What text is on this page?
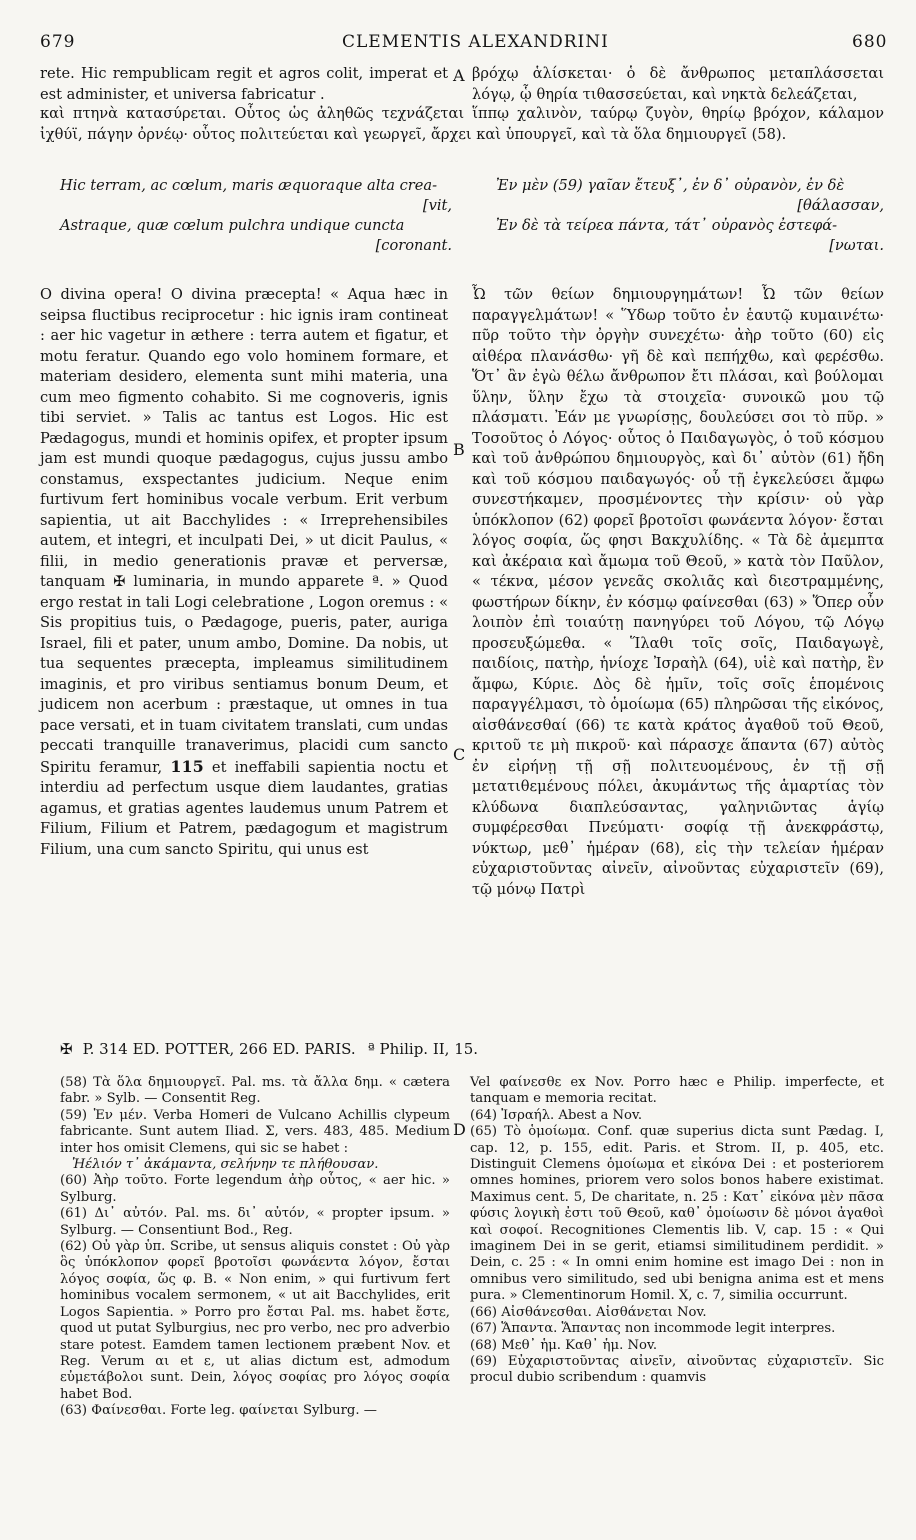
679	CLEMENTIS ALEXANDRINI	680
rete. Hic rempublicam regit et agros colit, imperat et est administer, et universa fabricatur .
βρόχῳ ἁλίσκεται· ὁ δὲ ἄνθρωπος μεταπλάσσεται λόγῳ, ᾧ θηρία τιθασσεύεται, καὶ νηκτὰ δελεάζεται,
A

καὶ πτηνὰ κατασύρεται. Οὗτος ὡς ἀληθῶς τεχνάζεται ἵππῳ χαλινὸν, ταύρῳ ζυγὸν, θηρίῳ βρόχον, κάλαμον ἰχθύϊ, πάγην ὀρνέῳ· οὗτος πολιτεύεται καὶ γεωργεῖ, ἄρχει καὶ ὑπουργεῖ, καὶ τὰ ὅλα δημιουργεῖ (58).

Hic terram, ac cœlum, maris æquoraque alta crea-

[vit,

Astraque, quæ cœlum pulchra undique cuncta

[coronant.

Ἐν μὲν (59) γαῖαν ἔτευξ᾽, ἐν δ᾽ οὐρανὸν, ἐν δὲ

[θάλασσαν,

Ἐν δὲ τὰ τείρεα πάντα, τάτ᾽ οὐρανὸς ἐστεφά-

[νωται.

O divina opera! O divina præcepta! « Aqua hæc in seipsa fluctibus reciprocetur : hic ignis iram contineat : aer hic vagetur in æthere : terra autem et figatur, et motu feratur. Quando ego volo hominem formare, et materiam desidero, elementa sunt mihi materia, una cum meo figmento cohabito. Si me cognoveris, ignis tibi serviet. » Talis ac tantus est Logos. Hic est Pædagogus, mundi et hominis opifex, et propter ipsum jam est mundi quoque pædagogus, cujus jussu ambo constamus, exspectantes judicium. Neque enim furtivum fert hominibus vocale verbum. Erit verbum sapientia, ut ait Bacchylides : « Irreprehensibiles autem, et integri, et inculpati Dei, » ut dicit Paulus, « filii, in medio generationis pravæ et perversæ, tanquam ✠ luminaria, in mundo apparete ª. » Quod ergo restat in tali Logi celebratione , Logon oremus : « Sis propitius tuis, o Pædagoge, pueris, pater, auriga Israel, fili et pater, unum ambo, Domine. Da nobis, ut tua sequentes præcepta, impleamus similitudinem imaginis, et pro viribus sentiamus bonum Deum, et judicem non acerbum : præstaque, ut omnes in tua pace versati, et in tuam civitatem translati, cum undas peccati tranquille tranaverimus, placidi cum sancto Spiritu feramur, 115 et ineffabili sapientia noctu et interdiu ad perfectum usque diem laudantes, gratias agamus, et gratias agentes laudemus unum Patrem et Filium, Filium et Patrem, pædagogum et magistrum Filium, una cum sancto Spiritu, qui unus est

Ὦ τῶν θείων δημιουργημάτων! Ὦ τῶν θείων παραγγελμάτων! « Ὕδωρ τοῦτο ἐν ἑαυτῷ κυμαινέτω· πῦρ τοῦτο τὴν ὀργὴν συνεχέτω· ἀὴρ τοῦτο (60) εἰς αἰθέρα πλανάσθω· γῆ δὲ καὶ πεπήχθω, καὶ φερέσθω. Ὅτ᾽ ἂν ἐγὼ θέλω ἄνθρωπον ἔτι πλάσαι, καὶ βούλομαι ὕλην, ὕλην ἔχω τὰ στοιχεῖα· συνοικῶ μου τῷ πλάσματι. Ἐάν με γνωρίσῃς, δουλεύσει σοι τὸ πῦρ. » Τοσοῦτος ὁ Λόγος· οὗτος ὁ Παιδαγωγὸς, ὁ τοῦ κόσμου καὶ τοῦ ἀνθρώπου δημιουργὸς, καὶ δι᾽ αὐτὸν (61) ἤδη καὶ τοῦ κόσμου παιδαγωγός· οὗ τῇ ἐγκελεύσει ἄμφω συνεστήκαμεν, προσμένοντες τὴν κρίσιν· οὐ γὰρ ὑπόκλοπον (62) φορεῖ βροτοῖσι φωνάεντα λόγον· ἔσται λόγος σοφία, ὥς φησι Βακχυλίδης. « Τὰ δὲ ἀμεμπτα καὶ ἀκέραια καὶ ἄμωμα τοῦ Θεοῦ, » κατὰ τὸν Παῦλον, « τέκνα, μέσον γενεᾶς σκολιᾶς καὶ διεστραμμένης, φωστήρων δίκην, ἐν κόσμῳ φαίνεσθαι (63) » Ὅπερ οὖν λοιπὸν ἐπὶ τοιαύτῃ πανηγύρει τοῦ Λόγου, τῷ Λόγῳ προσευξώμεθα. « Ἵλαθι τοῖς σοῖς, Παιδαγωγὲ, παιδίοις, πατὴρ, ἡνίοχε Ἰσραὴλ (64), υἱὲ καὶ πατὴρ, ἓν ἄμφω, Κύριε. Δὸς δὲ ἡμῖν, τοῖς σοῖς ἑπομένοις παραγγέλμασι, τὸ ὁμοίωμα (65) πληρῶσαι τῆς εἰκόνος, αἰσθάνεσθαί (66) τε κατὰ κράτος ἀγαθοῦ τοῦ Θεοῦ, κριτοῦ τε μὴ πικροῦ· καὶ πάρασχε ἅπαντα (67) αὐτὸς ἐν εἰρήνῃ τῇ σῇ πολιτευομένους, ἐν τῇ σῇ μετατιθεμένους πόλει, ἀκυμάντως τῆς ἁμαρτίας τὸν κλύδωνα διαπλεύσαντας, γαληνιῶντας ἁγίῳ συμφέρεσθαι Πνεύματι· σοφίᾳ τῇ ἀνεκφράστῳ, νύκτωρ, μεθ᾽ ἡμέραν (68), εἰς τὴν τελείαν ἡμέραν εὐχαριστοῦντας αἰνεῖν, αἰνοῦντας εὐχαριστεῖν (69), τῷ μόνῳ Πατρὶ

B
C
D
✠ P. 314 ED. POTTER, 266 ED. PARIS. ª Philip. II, 15.

(58) Τὰ ὅλα δημιουργεῖ. Pal. ms. τὰ ἄλλα δημ. « cætera fabr. » Sylb. — Consentit Reg.

(59) Ἐν μέν. Verba Homeri de Vulcano Achillis clypeum fabricante. Sunt autem Iliad. Σ, vers. 483, 485. Medium inter hos omisit Clemens, qui sic se habet :

Ἠέλιόν τ᾽ ἀκάμαντα, σελήνην τε πλήθουσαν.

(60) Ἀὴρ τοῦτο. Forte legendum ἀὴρ οὗτος, « aer hic. » Sylburg.

(61) Δι᾽ αὐτόν. Pal. ms. δι᾽ αὐτόν, « propter ipsum. » Sylburg. — Consentiunt Bod., Reg.

(62) Οὐ γὰρ ὑπ. Scribe, ut sensus aliquis constet : Οὐ γὰρ ὃς ὑπόκλοπον φορεῖ βροτοῖσι φωνάεντα λόγον, ἔσται λόγος σοφία, ὥς φ. Β. « Non enim, » qui furtivum fert hominibus vocalem sermonem, « ut ait Bacchylides, erit Logos Sapientia. » Porro pro ἔσται Pal. ms. habet ἔστε, quod ut putat Sylburgius, nec pro verbo, nec pro adverbio stare potest. Eamdem tamen lectionem præbent Nov. et Reg. Verum αι et ε, ut alias dictum est, admodum εὐμετάβολοι sunt. Dein, λόγος σοφίας pro λόγος σοφία habet Bod.

(63) Φαίνεσθαι. Forte leg. φαίνεται Sylburg. —

Vel φαίνεσθε ex Nov. Porro hæc e Philip. imperfecte, et tanquam e memoria recitat.

(64) Ἰσραήλ. Abest a Nov.

(65) Τὸ ὁμοίωμα. Conf. quæ superius dicta sunt Pædag. I, cap. 12, p. 155, edit. Paris. et Strom. II, p. 405, etc. Distinguit Clemens ὁμοίωμα et εἰκόνα Dei : et posteriorem omnes homines, priorem vero solos bonos habere existimat. Maximus cent. 5, De charitate, n. 25 : Κατ᾽ εἰκόνα μὲν πᾶσα φύσις λογικὴ ἐστι τοῦ Θεοῦ, καθ᾽ ὁμοίωσιν δὲ μόνοι ἀγαθοὶ καὶ σοφοί. Recognitiones Clementis lib. V, cap. 15 : « Qui imaginem Dei in se gerit, etiamsi similitudinem perdidit. » Dein, c. 25 : « In omni enim homine est imago Dei : non in omnibus vero similitudo, sed ubi benigna anima est et mens pura. » Clementinorum Homil. X, c. 7, similia occurrunt.

(66) Αἰσθάνεσθαι. Αἰσθάνεται Nov.

(67) Ἅπαντα. Ἅπαντας non incommode legit interpres.

(68) Μεθ᾽ ἡμ. Καθ᾽ ἡμ. Nov.

(69) Εὐχαριστοῦντας αἰνεῖν, αἰνοῦντας εὐχαριστεῖν. Sic procul dubio scribendum : quamvis
